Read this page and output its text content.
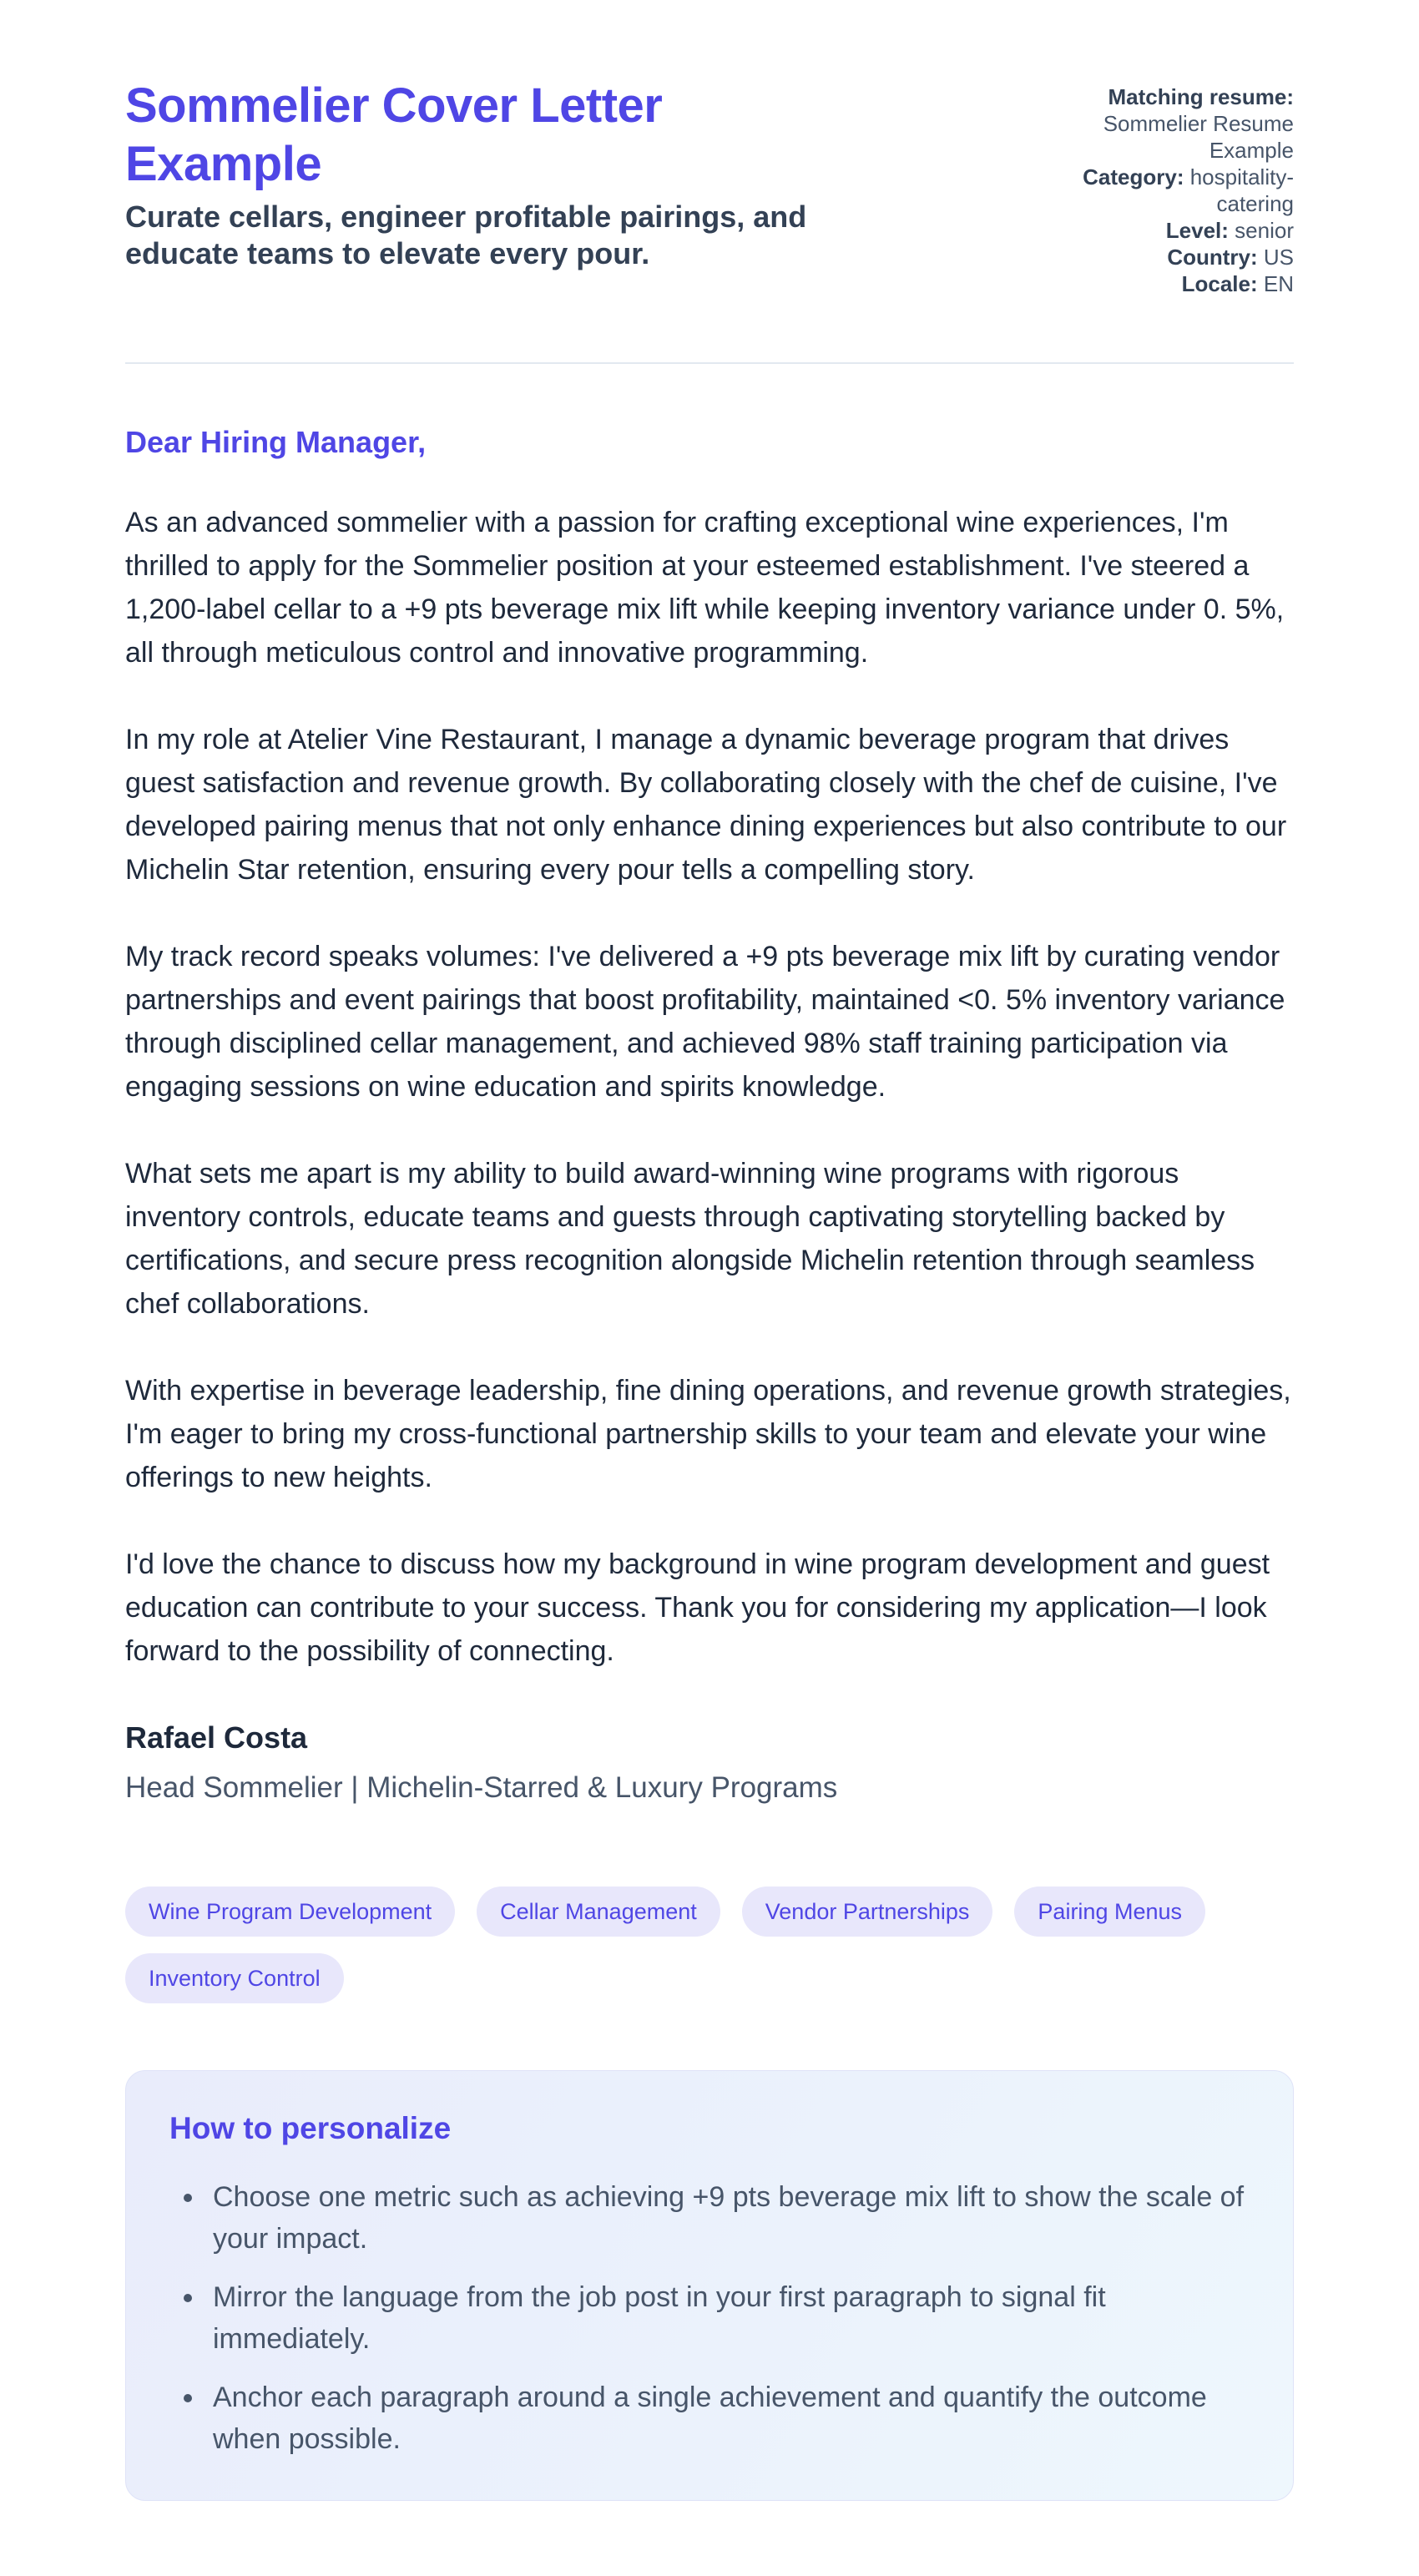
Sommelier Cover Letter Example

Curate cellars, engineer profitable pairings, and educate teams to elevate every pour.

Matching resume: Sommelier Resume Example
Category: hospitality-catering
Level: senior
Country: US
Locale: EN

Dear Hiring Manager,

As an advanced sommelier with a passion for crafting exceptional wine experiences, I'm thrilled to apply for the Sommelier position at your esteemed establishment. I've steered a 1,200-label cellar to a +9 pts beverage mix lift while keeping inventory variance under 0. 5%, all through meticulous control and innovative programming.

In my role at Atelier Vine Restaurant, I manage a dynamic beverage program that drives guest satisfaction and revenue growth. By collaborating closely with the chef de cuisine, I've developed pairing menus that not only enhance dining experiences but also contribute to our Michelin Star retention, ensuring every pour tells a compelling story.

My track record speaks volumes: I've delivered a +9 pts beverage mix lift by curating vendor partnerships and event pairings that boost profitability, maintained <0. 5% inventory variance through disciplined cellar management, and achieved 98% staff training participation via engaging sessions on wine education and spirits knowledge.

What sets me apart is my ability to build award-winning wine programs with rigorous inventory controls, educate teams and guests through captivating storytelling backed by certifications, and secure press recognition alongside Michelin retention through seamless chef collaborations.

With expertise in beverage leadership, fine dining operations, and revenue growth strategies, I'm eager to bring my cross-functional partnership skills to your team and elevate your wine offerings to new heights.

I'd love the chance to discuss how my background in wine program development and guest education can contribute to your success. Thank you for considering my application—I look forward to the possibility of connecting.

Rafael Costa

Head Sommelier | Michelin-Starred & Luxury Programs

Wine Program Development	Cellar Management	Vendor Partnerships	Pairing Menus
Inventory Control
How to personalize
• Choose one metric such as achieving +9 pts beverage mix lift to show the scale of your impact.
• Mirror the language from the job post in your first paragraph to signal fit immediately.
• Anchor each paragraph around a single achievement and quantify the outcome when possible.
